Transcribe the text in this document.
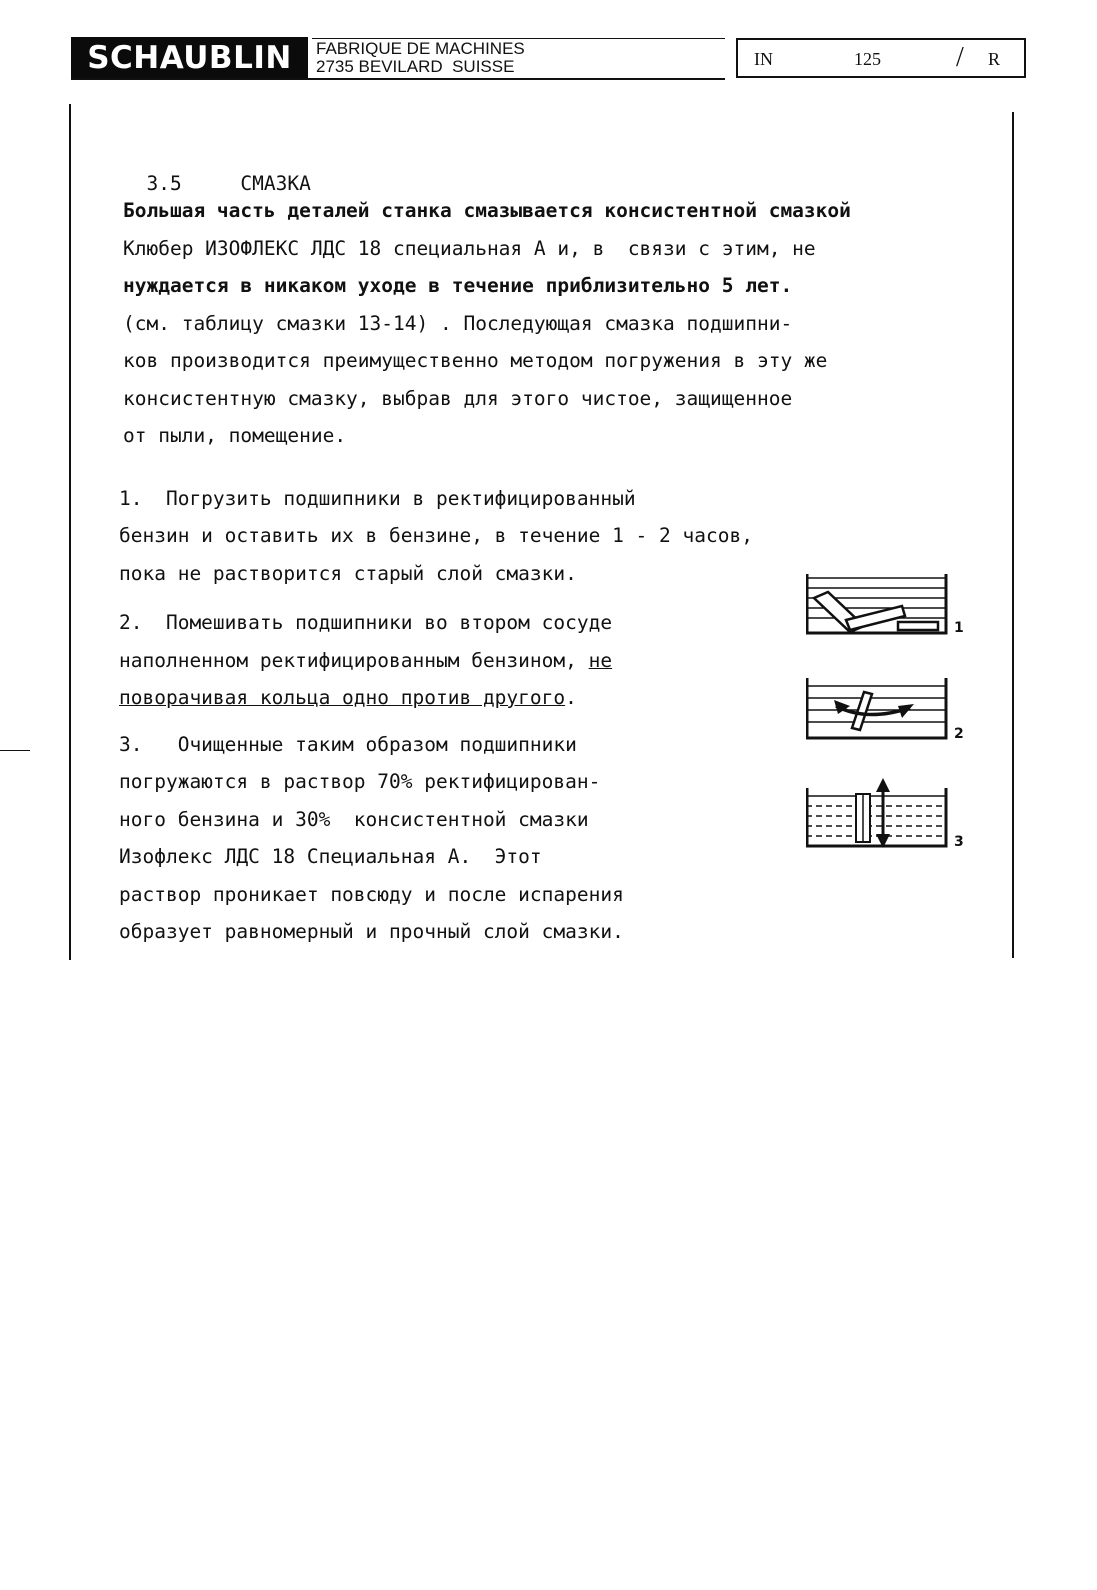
SCHAUBLIN SA
FABRIQUE DE MACHINES
2735 BEVILARD  SUISSE	IN	125	/ R

3.5	СМАЗКА

Большая часть деталей станка смазывается консистентной смазкой
Клюбер ИЗОФЛЕКС ЛДС 18 специальная А и, в  связи с этим, не
нуждается в никаком уходе в течение приблизительно 5 лет.
(см. таблицу смазки 13-14) . Последующая смазка подшипни-
ков производится преимущественно методом погружения в эту же
консистентную смазку, выбрав для этого чистое, защищенное
от пыли, помещение.
1.  Погрузить подшипники в ректифицированный
бензин и оставить их в бензине, в течение 1 - 2 часов,
пока не растворится старый слой смазки.
2.  Помешивать подшипники во втором сосуде
наполненном ректифицированным бензином, не
поворачивая кольца одно против другого.
3.   Очищенные таким образом подшипники
погружаются в раствор 70% ректифицирован-
ного бензина и 30%  консистентной смазки
Изофлекс ЛДС 18 Специальная А.  Этот
раствор проникает повсюду и после испарения
образует равномерный и прочный слой смазки.
1
2
3
